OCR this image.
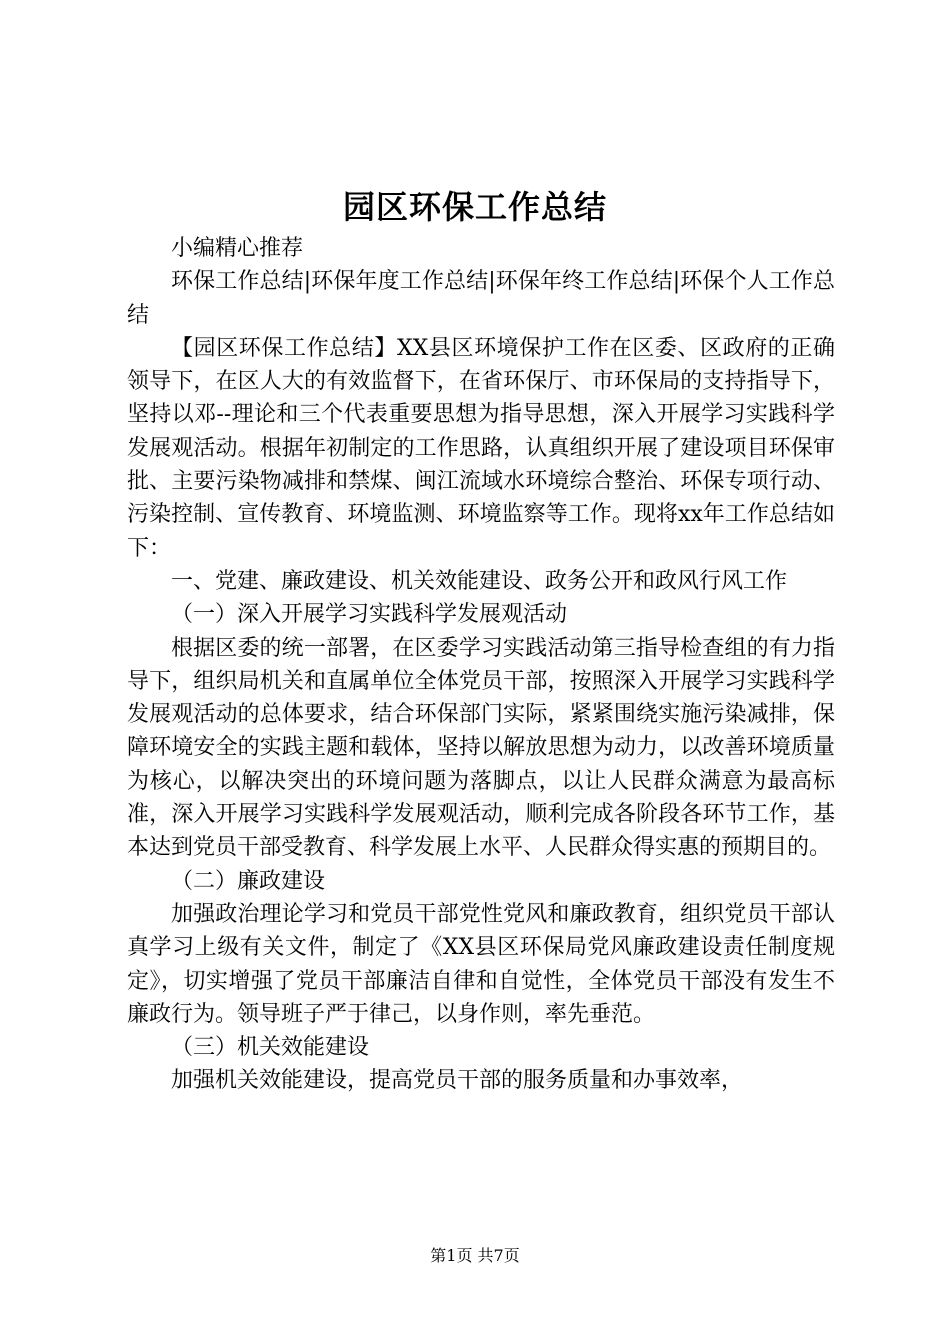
园区环保工作总结

小编精心推荐

环保工作总结|环保年度工作总结|环保年终工作总结|环保个人工作总结

【园区环保工作总结】XX县区环境保护工作在区委、区政府的正确领导下，在区人大的有效监督下，在省环保厅、市环保局的支持指导下，坚持以邓--理论和三个代表重要思想为指导思想，深入开展学习实践科学发展观活动。根据年初制定的工作思路，认真组织开展了建设项目环保审批、主要污染物减排和禁煤、闽江流域水环境综合整治、环保专项行动、污染控制、宣传教育、环境监测、环境监察等工作。现将xx年工作总结如下：

一、党建、廉政建设、机关效能建设、政务公开和政风行风工作

（一）深入开展学习实践科学发展观活动

根据区委的统一部署，在区委学习实践活动第三指导检查组的有力指导下，组织局机关和直属单位全体党员干部，按照深入开展学习实践科学发展观活动的总体要求，结合环保部门实际，紧紧围绕实施污染减排，保障环境安全的实践主题和载体，坚持以解放思想为动力，以改善环境质量为核心，以解决突出的环境问题为落脚点，以让人民群众满意为最高标准，深入开展学习实践科学发展观活动，顺利完成各阶段各环节工作，基本达到党员干部受教育、科学发展上水平、人民群众得实惠的预期目的。

（二）廉政建设

加强政治理论学习和党员干部党性党风和廉政教育，组织党员干部认真学习上级有关文件，制定了《XX县区环保局党风廉政建设责任制度规定》，切实增强了党员干部廉洁自律和自觉性，全体党员干部没有发生不廉政行为。领导班子严于律己，以身作则，率先垂范。

（三）机关效能建设

加强机关效能建设，提高党员干部的服务质量和办事效率，

第1页 共7页
